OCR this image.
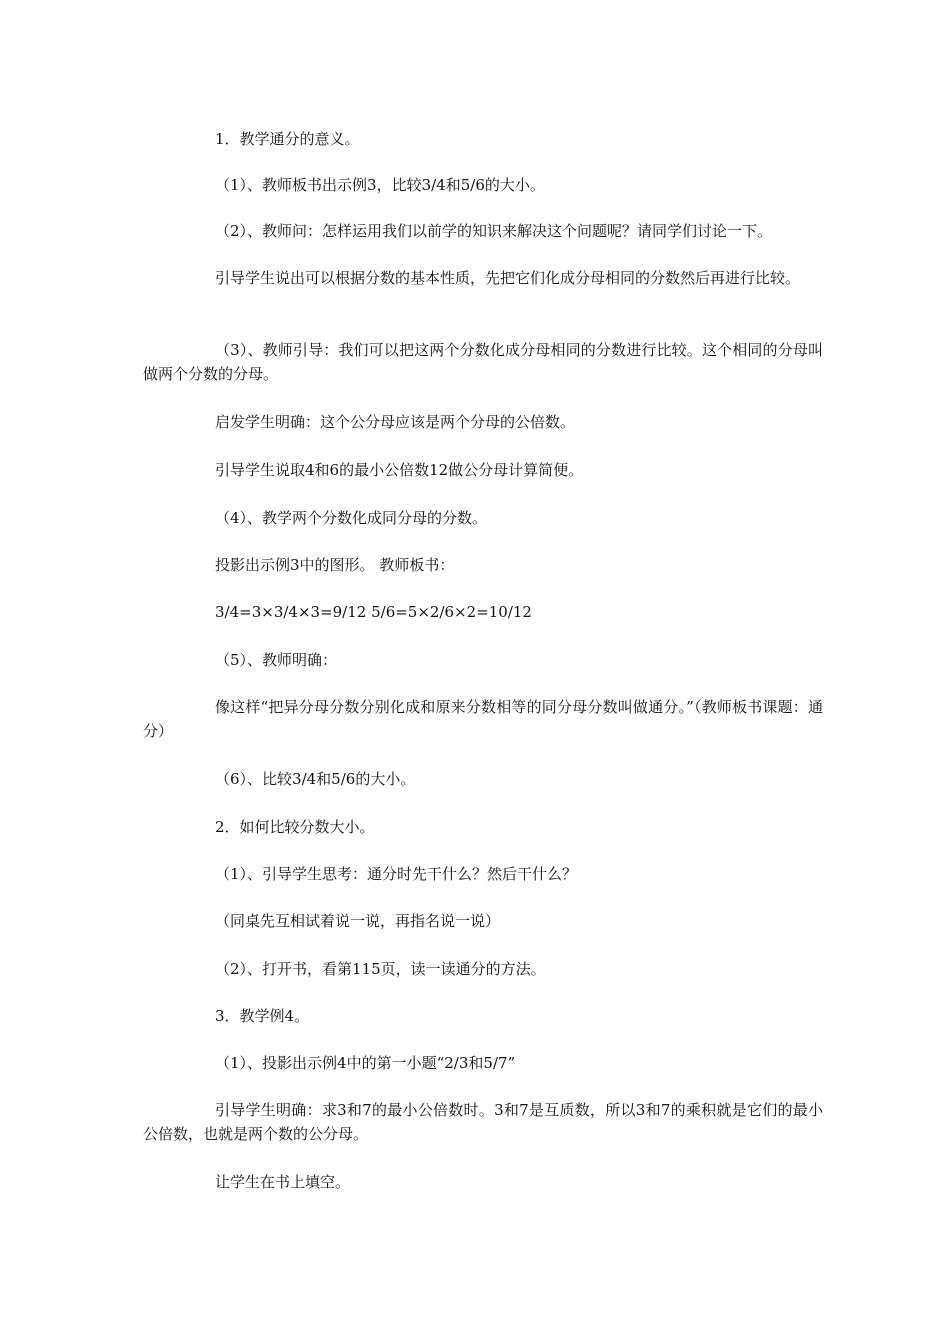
1．教学通分的意义。

（1）、教师板书出示例3，比较3/4和5/6的大小。

（2）、教师问：怎样运用我们以前学的知识来解决这个问题呢？请同学们讨论一下。

引导学生说出可以根据分数的基本性质，先把它们化成分母相同的分数然后再进行比较。

（3）、教师引导：我们可以把这两个分数化成分母相同的分数进行比较。这个相同的分母叫做两个分数的分母。

启发学生明确：这个公分母应该是两个分母的公倍数。

引导学生说取4和6的最小公倍数12做公分母计算简便。

（4）、教学两个分数化成同分母的分数。

投影出示例3中的图形。 教师板书：

3/4=3×3/4×3=9/12 5/6=5×2/6×2=10/12

（5）、教师明确：

像这样“把异分母分数分别化成和原来分数相等的同分母分数叫做通分。”（教师板书课题：通分）

（6）、比较3/4和5/6的大小。

2．如何比较分数大小。

（1）、引导学生思考：通分时先干什么？然后干什么？

（同桌先互相试着说一说，再指名说一说）

（2）、打开书，看第115页，读一读通分的方法。

3．教学例4。

（1）、投影出示例4中的第一小题“2/3和5/7”

引导学生明确：求3和7的最小公倍数时。3和7是互质数，所以3和7的乘积就是它们的最小公倍数，也就是两个数的公分母。

让学生在书上填空。
